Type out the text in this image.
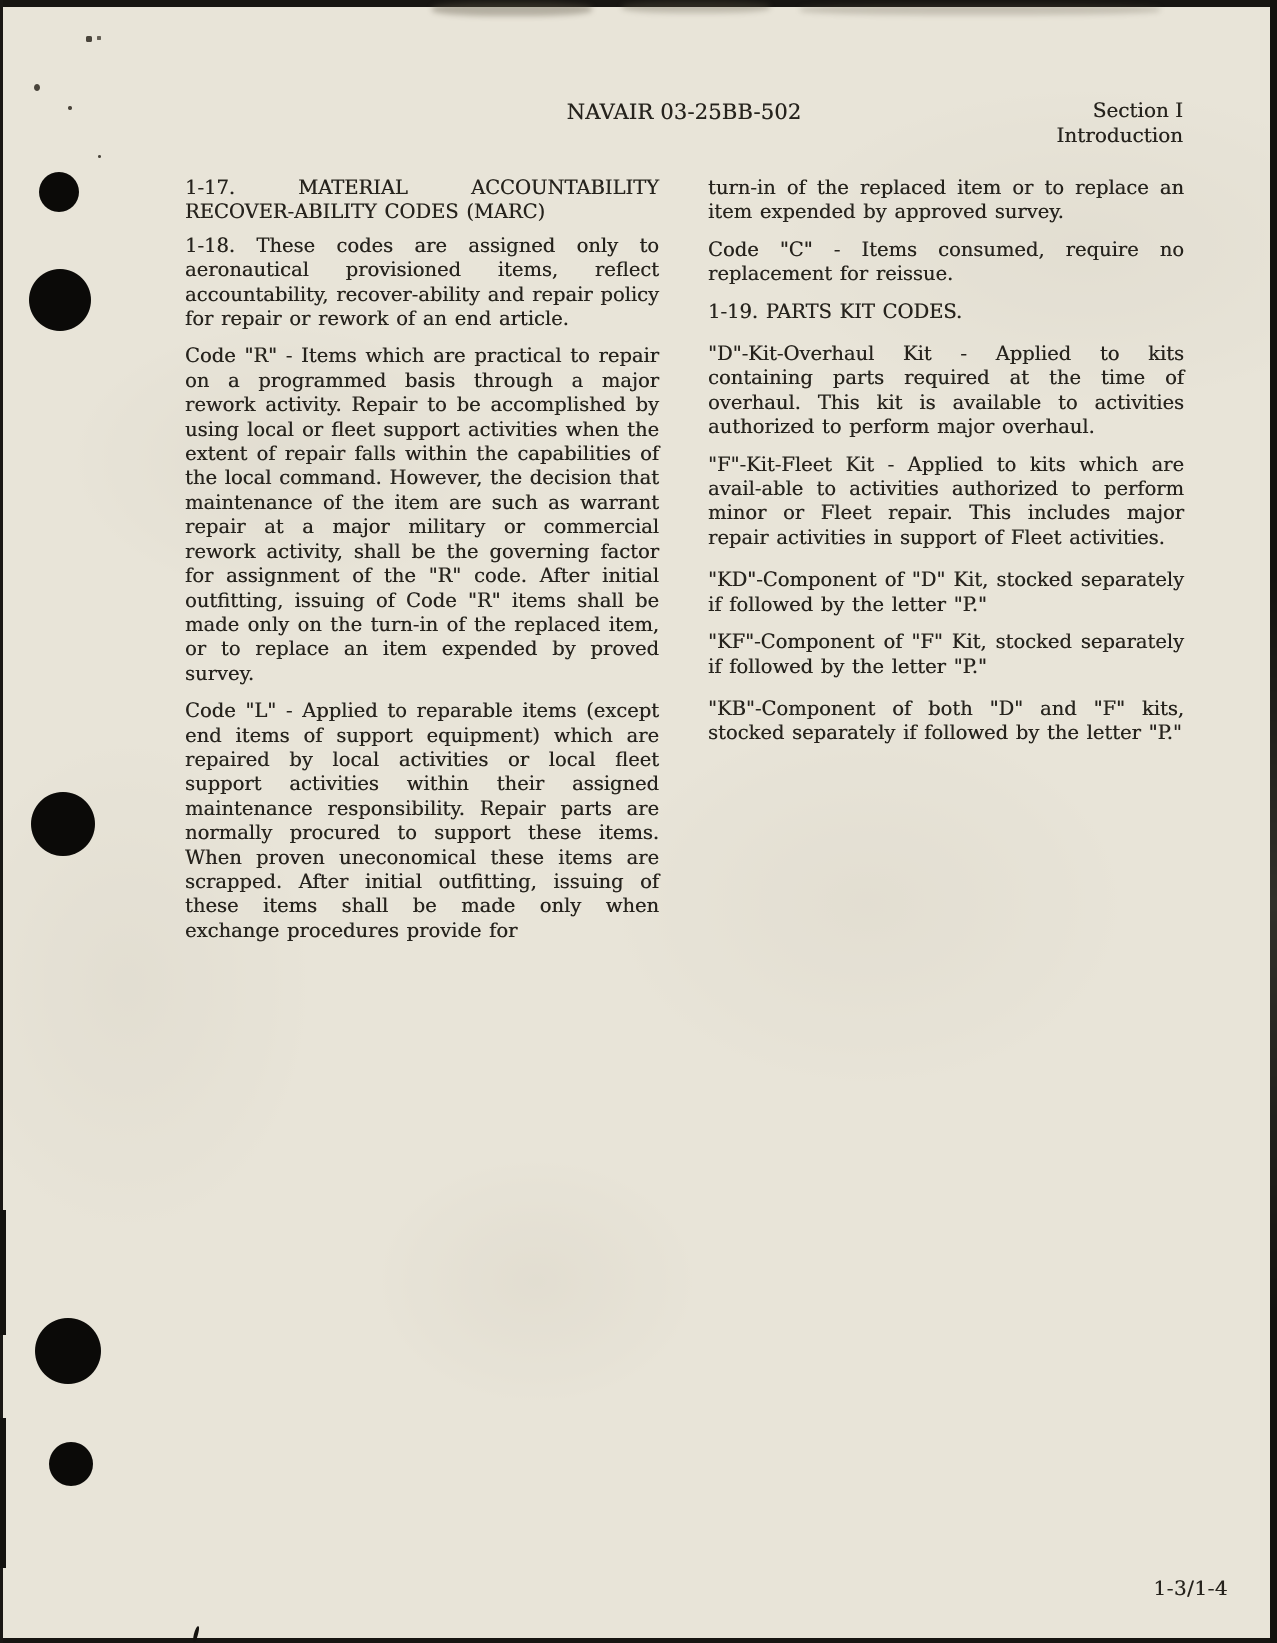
NAVAIR 03-25BB-502	Section I
Introduction
1-17. MATERIAL ACCOUNTABILITY RECOVER-ABILITY CODES (MARC)

1-18. These codes are assigned only to aeronautical provisioned items, reflect accountability, recover-ability and repair policy for repair or rework of an end article.

Code "R" - Items which are practical to repair on a programmed basis through a major rework activity. Repair to be accomplished by using local or fleet support activities when the extent of repair falls within the capabilities of the local command. However, the decision that maintenance of the item are such as warrant repair at a major military or commercial rework activity, shall be the governing factor for assignment of the "R" code. After initial outfitting, issuing of Code "R" items shall be made only on the turn-in of the replaced item, or to replace an item expended by proved survey.

Code "L" - Applied to reparable items (except end items of support equipment) which are repaired by local activities or local fleet support activities within their assigned maintenance responsibility. Repair parts are normally procured to support these items. When proven uneconomical these items are scrapped. After initial outfitting, issuing of these items shall be made only when exchange procedures provide for

turn-in of the replaced item or to replace an item expended by approved survey.

Code "C" - Items consumed, require no replacement for reissue.

1-19. PARTS KIT CODES.

"D"-Kit-Overhaul Kit - Applied to kits containing parts required at the time of overhaul. This kit is available to activities authorized to perform major overhaul.

"F"-Kit-Fleet Kit - Applied to kits which are avail-able to activities authorized to perform minor or Fleet repair. This includes major repair activities in support of Fleet activities.

"KD"-Component of "D" Kit, stocked separately if followed by the letter "P."

"KF"-Component of "F" Kit, stocked separately if followed by the letter "P."

"KB"-Component of both "D" and "F" kits, stocked separately if followed by the letter "P."

1-3/1-4
